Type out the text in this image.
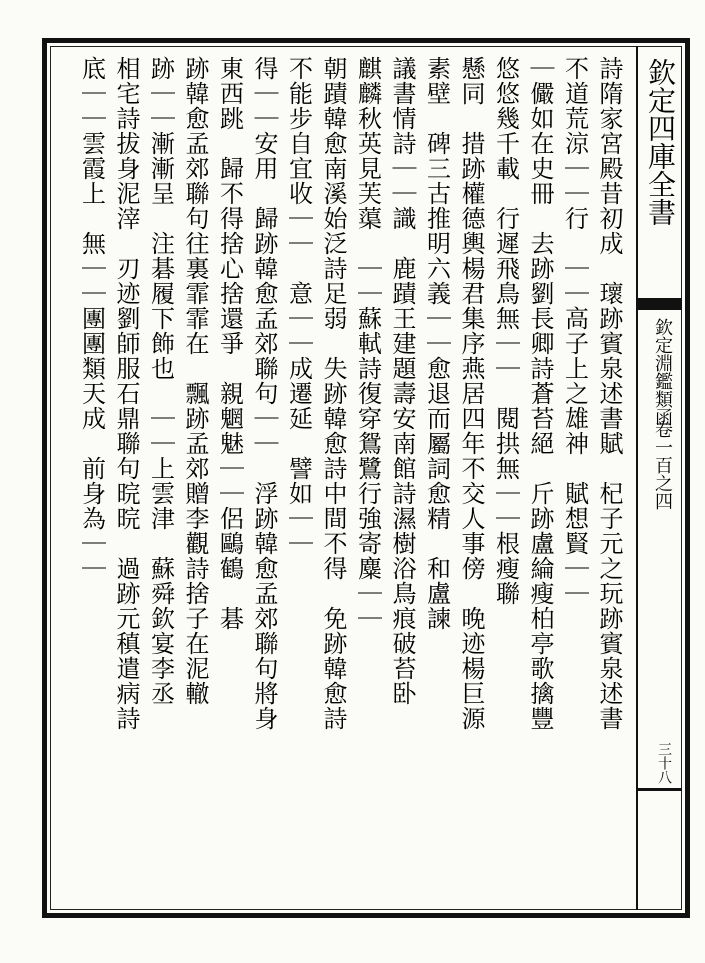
欽定四庫全書
欽定淵鑑類函
卷一百之四
三十八
詩隋家宮殿昔初成　瓌跡賓泉述書賦　杞子元之玩跡賓泉述書
不道荒涼｜｜行　｜｜高子上之雄神　賦想賢｜｜
｜儼如在史冊　去跡劉長卿詩蒼苔絕　斤跡盧綸瘦柏亭歌擒豐
悠悠幾千載　行遲飛鳥無｜｜　閱拱無｜｜根瘦聯
懸同　措跡權德輿楊君集序燕居四年不交人事傍　晚迹楊巨源
素壁　碑三古推明六義｜｜愈退而屬詞愈精　和盧諫
議書情詩｜｜識　鹿蹟王建題壽安南館詩濕樹浴鳥痕破苔卧
麒麟秋英見芙蕖　｜｜蘇軾詩復穿鴛鷺行強寄麋｜｜
朝蹟韓愈南溪始泛詩足弱　失跡韓愈詩中間不得　免跡韓愈詩
不能步自宜收｜｜　意｜｜成遷延　譬如｜｜
得｜｜安用　歸跡韓愈孟郊聯句｜｜　浮跡韓愈孟郊聯句將身
東西跳　歸不得捨心捨還爭　親魍魅｜｜侶鷗鶴　碁
跡韓愈孟郊聯句往裏霏霏在　飄跡孟郊贈李觀詩捨子在泥轍
跡｜｜漸漸呈　注碁履下飾也　｜｜上雲津　蘇舜欽宴李丞
相宅詩拔身泥滓　刃迹劉師服石鼎聯句晥晥　過跡元稹遣病詩
底｜｜雲霞上　無｜｜團團類天成　前身為｜｜
